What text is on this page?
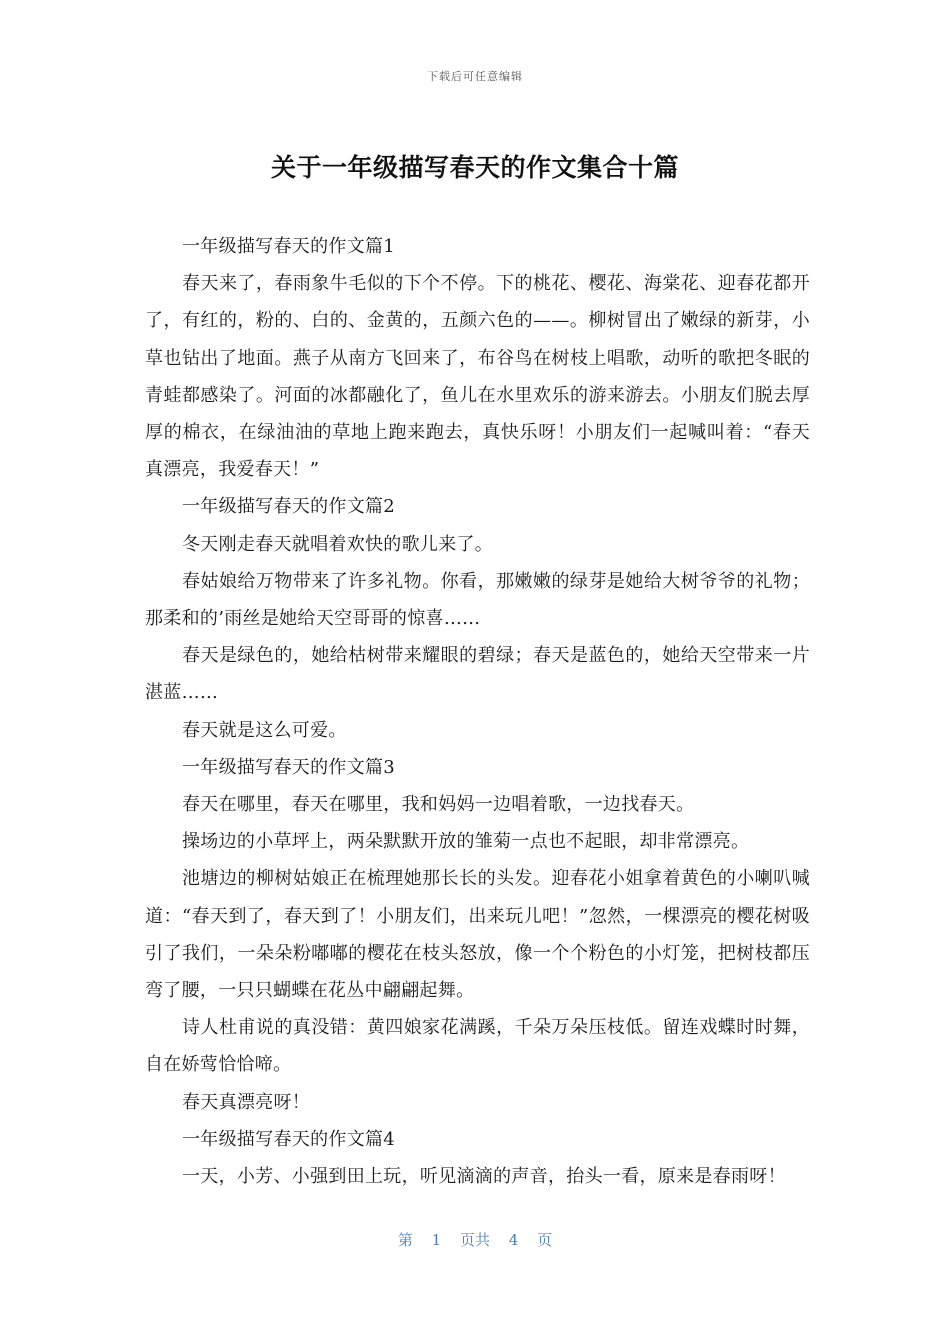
下载后可任意编辑
关于一年级描写春天的作文集合十篇

一年级描写春天的作文篇1

春天来了，春雨象牛毛似的下个不停。下的桃花、樱花、海棠花、迎春花都开了，有红的，粉的、白的、金黄的，五颜六色的——。柳树冒出了嫩绿的新芽，小草也钻出了地面。燕子从南方飞回来了，布谷鸟在树枝上唱歌，动听的歌把冬眠的青蛙都感染了。河面的冰都融化了，鱼儿在水里欢乐的游来游去。小朋友们脱去厚厚的棉衣，在绿油油的草地上跑来跑去，真快乐呀！小朋友们一起喊叫着：“春天真漂亮，我爱春天！”

一年级描写春天的作文篇2

冬天刚走春天就唱着欢快的歌儿来了。

春姑娘给万物带来了许多礼物。你看，那嫩嫩的绿芽是她给大树爷爷的礼物；那柔和的’雨丝是她给天空哥哥的惊喜……

春天是绿色的，她给枯树带来耀眼的碧绿；春天是蓝色的，她给天空带来一片湛蓝……

春天就是这么可爱。

一年级描写春天的作文篇3

春天在哪里，春天在哪里，我和妈妈一边唱着歌，一边找春天。

操场边的小草坪上，两朵默默开放的雏菊一点也不起眼，却非常漂亮。

池塘边的柳树姑娘正在梳理她那长长的头发。迎春花小姐拿着黄色的小喇叭喊道：“春天到了，春天到了！小朋友们，出来玩儿吧！”忽然，一棵漂亮的樱花树吸引了我们，一朵朵粉嘟嘟的樱花在枝头怒放，像一个个粉色的小灯笼，把树枝都压弯了腰，一只只蝴蝶在花丛中翩翩起舞。

诗人杜甫说的真没错：黄四娘家花满蹊，千朵万朵压枝低。留连戏蝶时时舞，自在娇莺恰恰啼。

春天真漂亮呀！

一年级描写春天的作文篇4

一天，小芳、小强到田上玩，听见滴滴的声音，抬头一看，原来是春雨呀！

第 1 页共 4 页
